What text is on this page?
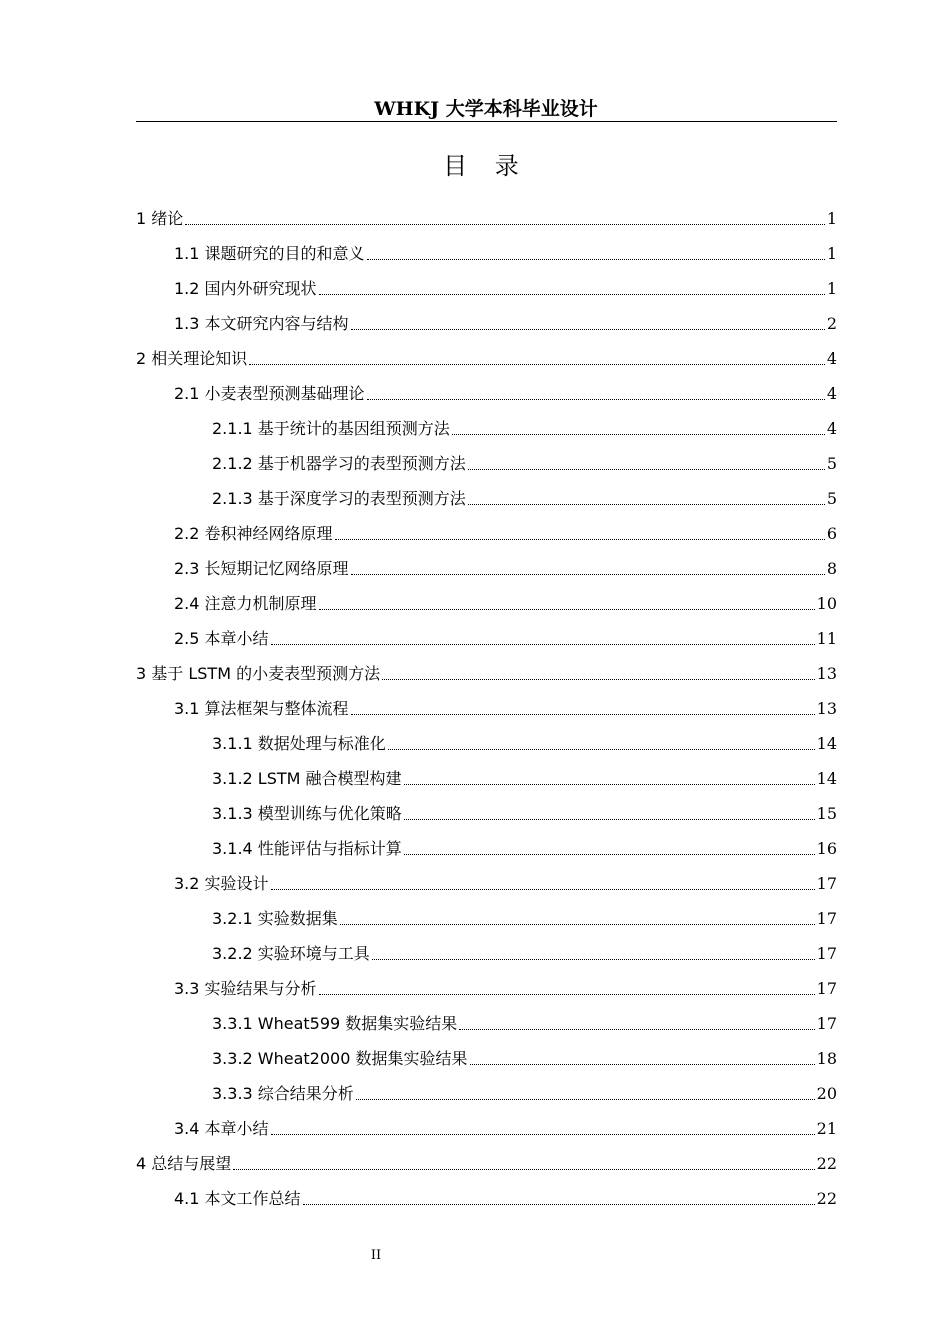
WHKJ 大学本科毕业设计
目 录
1 绪论	1
1.1 课题研究的目的和意义	1
1.2 国内外研究现状	1
1.3 本文研究内容与结构	2
2 相关理论知识	4
2.1 小麦表型预测基础理论	4
2.1.1 基于统计的基因组预测方法	4
2.1.2 基于机器学习的表型预测方法	5
2.1.3 基于深度学习的表型预测方法	5
2.2 卷积神经网络原理	6
2.3 长短期记忆网络原理	8
2.4 注意力机制原理	10
2.5 本章小结	11
3 基于 LSTM 的小麦表型预测方法	13
3.1 算法框架与整体流程	13
3.1.1 数据处理与标准化	14
3.1.2 LSTM 融合模型构建	14
3.1.3 模型训练与优化策略	15
3.1.4 性能评估与指标计算	16
3.2 实验设计	17
3.2.1 实验数据集	17
3.2.2 实验环境与工具	17
3.3 实验结果与分析	17
3.3.1 Wheat599 数据集实验结果	17
3.3.2 Wheat2000 数据集实验结果	18
3.3.3 综合结果分析	20
3.4 本章小结	21
4 总结与展望	22
4.1 本文工作总结	22
II
